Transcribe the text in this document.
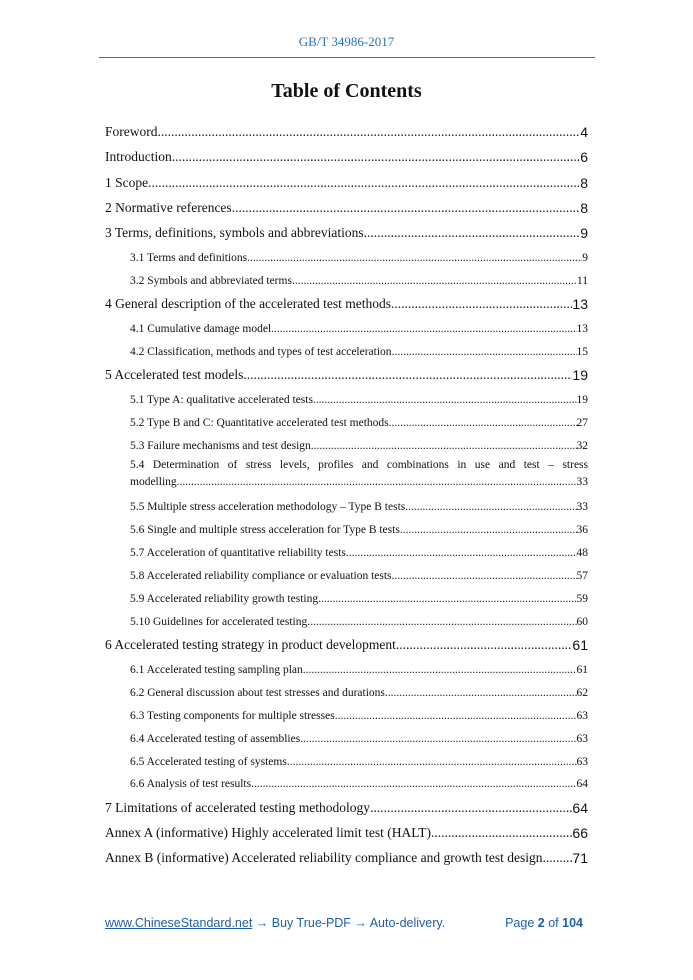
GB/T 34986-2017
Table of Contents
Foreword .....	4
Introduction .....	6
1 Scope .....	8
2 Normative references .....	8
3 Terms, definitions, symbols and abbreviations .....	9
3.1 Terms and definitions .....	9
3.2 Symbols and abbreviated terms .....	11
4 General description of the accelerated test methods .....	13
4.1 Cumulative damage model .....	13
4.2 Classification, methods and types of test acceleration .....	15
5 Accelerated test models .....	19
5.1 Type A: qualitative accelerated tests .....	19
5.2 Type B and C: Quantitative accelerated test methods .....	27
5.3 Failure mechanisms and test design .....	32
5.4 Determination of stress levels, profiles and combinations in use and test – stress
modelling .....	33
5.5 Multiple stress acceleration methodology – Type B tests .....	33
5.6 Single and multiple stress acceleration for Type B tests .....	36
5.7 Acceleration of quantitative reliability tests .....	48
5.8 Accelerated reliability compliance or evaluation tests .....	57
5.9 Accelerated reliability growth testing .....	59
5.10 Guidelines for accelerated testing .....	60
6 Accelerated testing strategy in product development .....	61
6.1 Accelerated testing sampling plan .....	61
6.2 General discussion about test stresses and durations .....	62
6.3 Testing components for multiple stresses .....	63
6.4 Accelerated testing of assemblies .....	63
6.5 Accelerated testing of systems .....	63
6.6 Analysis of test results .....	64
7 Limitations of accelerated testing methodology .....	64
Annex A (informative) Highly accelerated limit test (HALT) .....	66
Annex B (informative) Accelerated reliability compliance and growth test design ..... 71
www.ChineseStandard.net → Buy True-PDF → Auto-delivery.	Page 2 of 104
